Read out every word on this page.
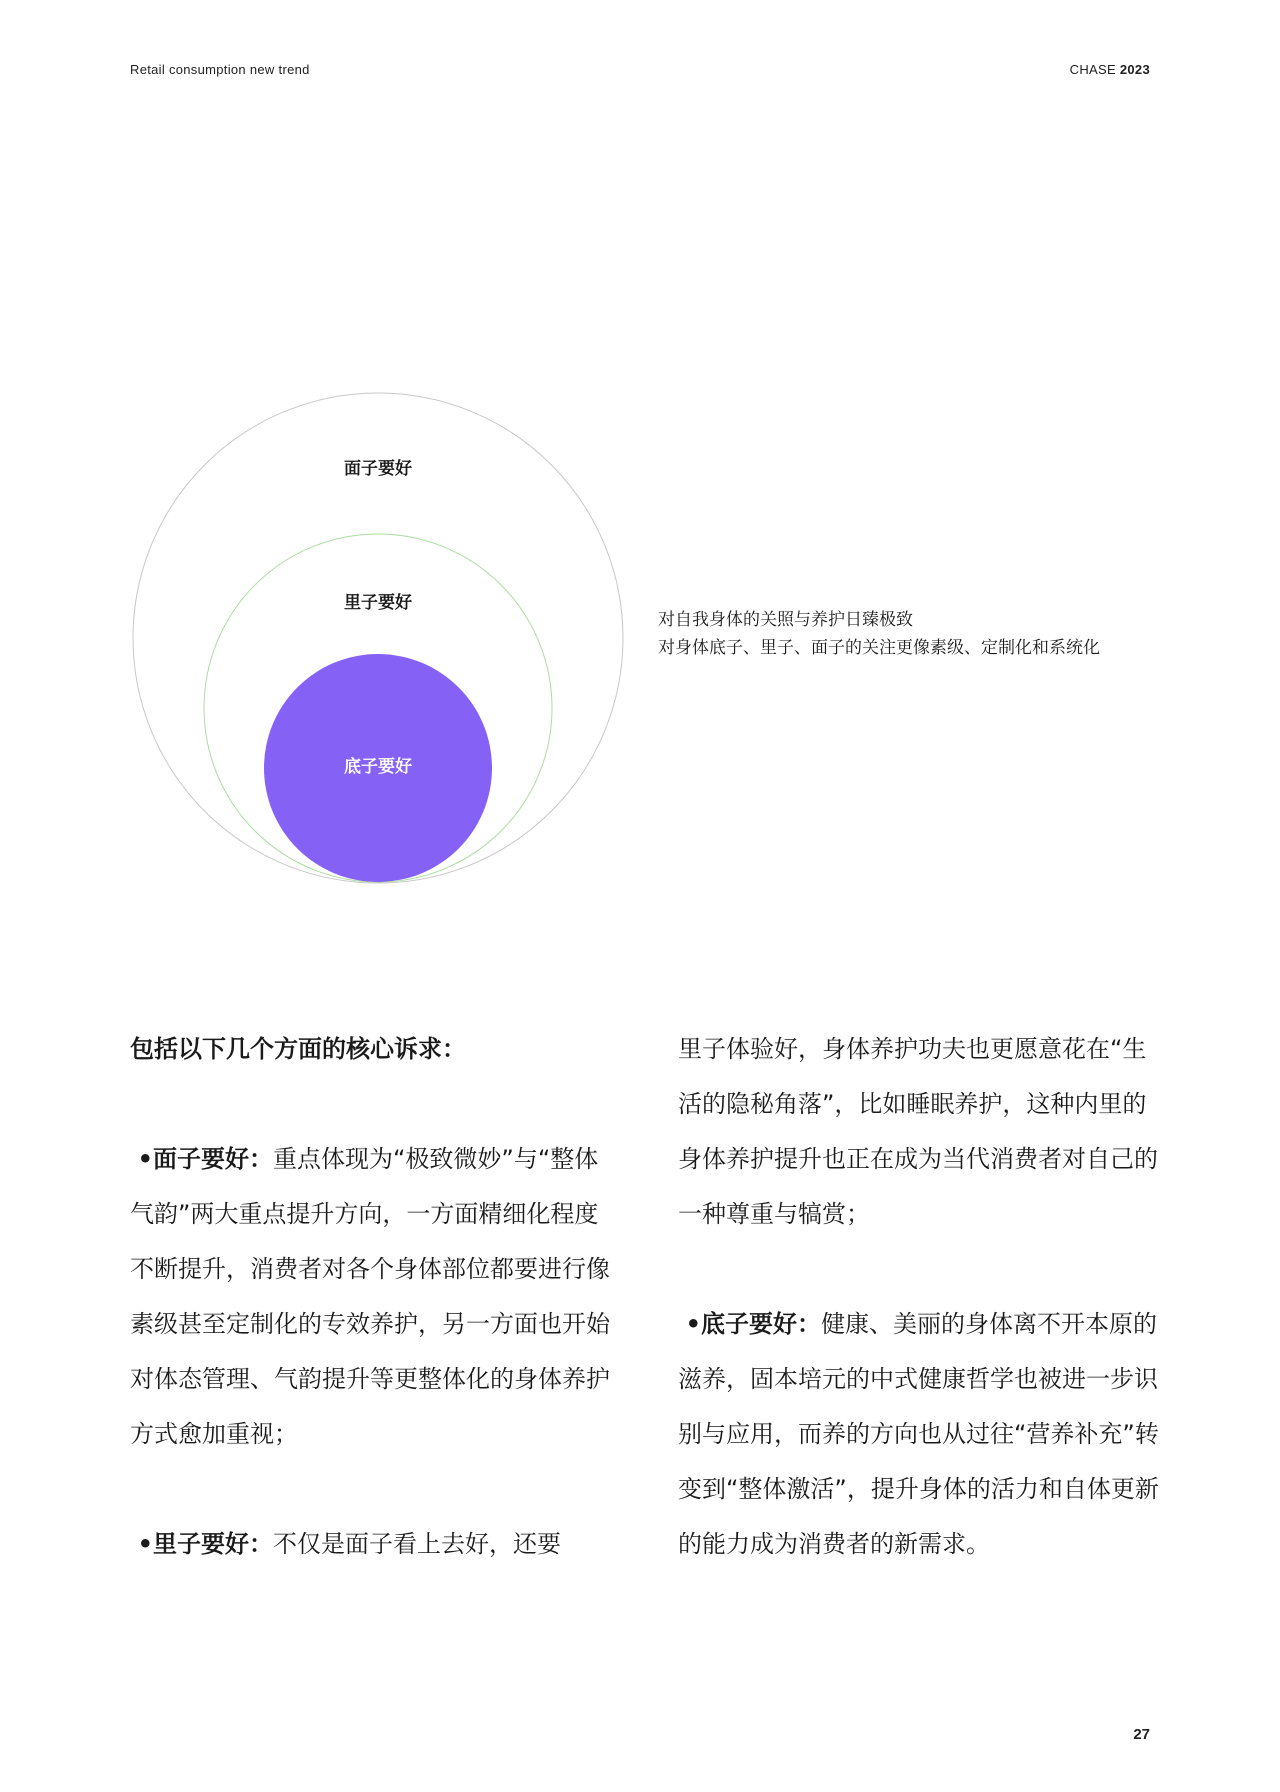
Retail consumption new trend	CHASE 2023
面子要好
里子要好
底子要好
对自我身体的关照与养护日臻极致
对身体底子、里子、面子的关注更像素级、定制化和系统化

包括以下几个方面的核心诉求：

•面子要好：重点体现为“极致微妙”与“整体气韵”两大重点提升方向，一方面精细化程度不断提升，消费者对各个身体部位都要进行像素级甚至定制化的专效养护，另一方面也开始对体态管理、气韵提升等更整体化的身体养护方式愈加重视；

•里子要好：不仅是面子看上去好，还要

里子体验好，身体养护功夫也更愿意花在“生活的隐秘角落”，比如睡眠养护，这种内里的身体养护提升也正在成为当代消费者对自己的一种尊重与犒赏；

•底子要好：健康、美丽的身体离不开本原的滋养，固本培元的中式健康哲学也被进一步识别与应用，而养的方向也从过往“营养补充”转变到“整体激活”，提升身体的活力和自体更新的能力成为消费者的新需求。

27
